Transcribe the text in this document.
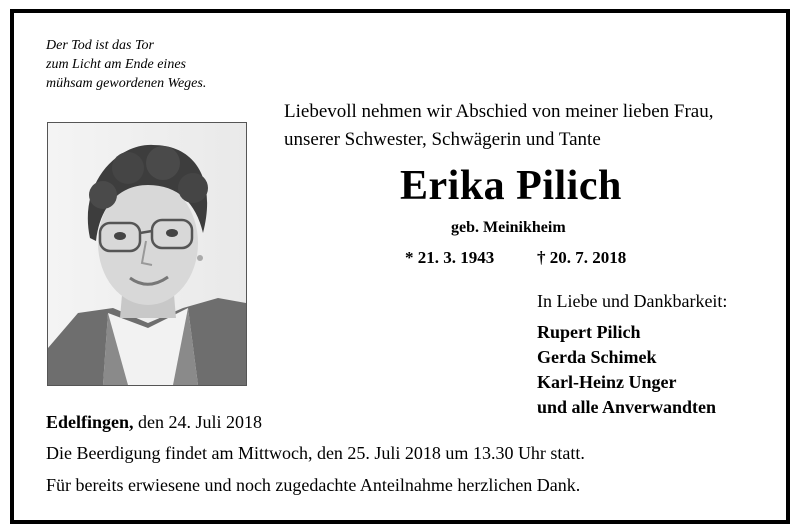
Der Tod ist das Tor
zum Licht am Ende eines
mühsam gewordenen Weges.
Liebevoll nehmen wir Abschied von meiner lieben Frau,
unserer Schwester, Schwägerin und Tante
Erika Pilich
geb. Meinikheim
* 21. 3. 1943	† 20. 7. 2018
In Liebe und Dankbarkeit:
Rupert Pilich
Gerda Schimek
Karl-Heinz Unger
und alle Anverwandten
Edelfingen, den 24. Juli 2018
Die Beerdigung findet am Mittwoch, den 25. Juli 2018 um 13.30 Uhr statt.
Für bereits erwiesene und noch zugedachte Anteilnahme herzlichen Dank.
